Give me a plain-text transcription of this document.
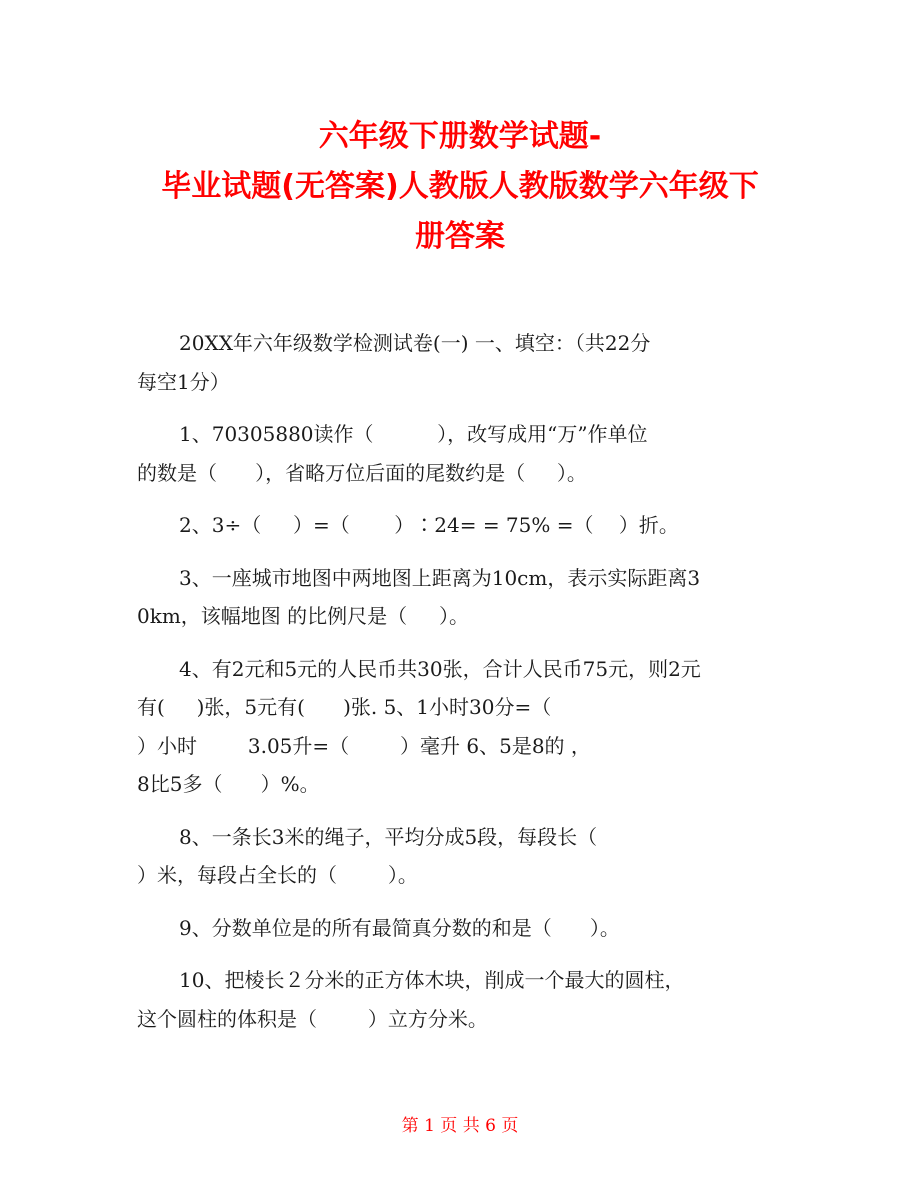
六年级下册数学试题-
毕业试题(无答案)人教版人教版数学六年级下
册答案
20XX年六年级数学检测试卷(一) 一、填空：（共22分
每空1分）
1、70305880读作（          ），改写成用“万”作单位
的数是（      ），省略万位后面的尾数约是（     ）。
2、3÷（     ）=（       ）∶24= = 75% =（    ）折。
3、一座城市地图中两地图上距离为10cm，表示实际距离3
0km，该幅地图 的比例尺是（     ）。
4、有2元和5元的人民币共30张，合计人民币75元，则2元
有(     )张，5元有(      )张. 5、1小时30分=（
）小时        3.05升=（        ）毫升 6、5是8的 ，
8比5多（      ）%。
8、一条长3米的绳子，平均分成5段，每段长（
）米，每段占全长的（        ）。
9、分数单位是的所有最简真分数的和是（      ）。
10、把棱长２分米的正方体木块，削成一个最大的圆柱，
这个圆柱的体积是（        ）立方分米。
第 1 页 共 6 页
